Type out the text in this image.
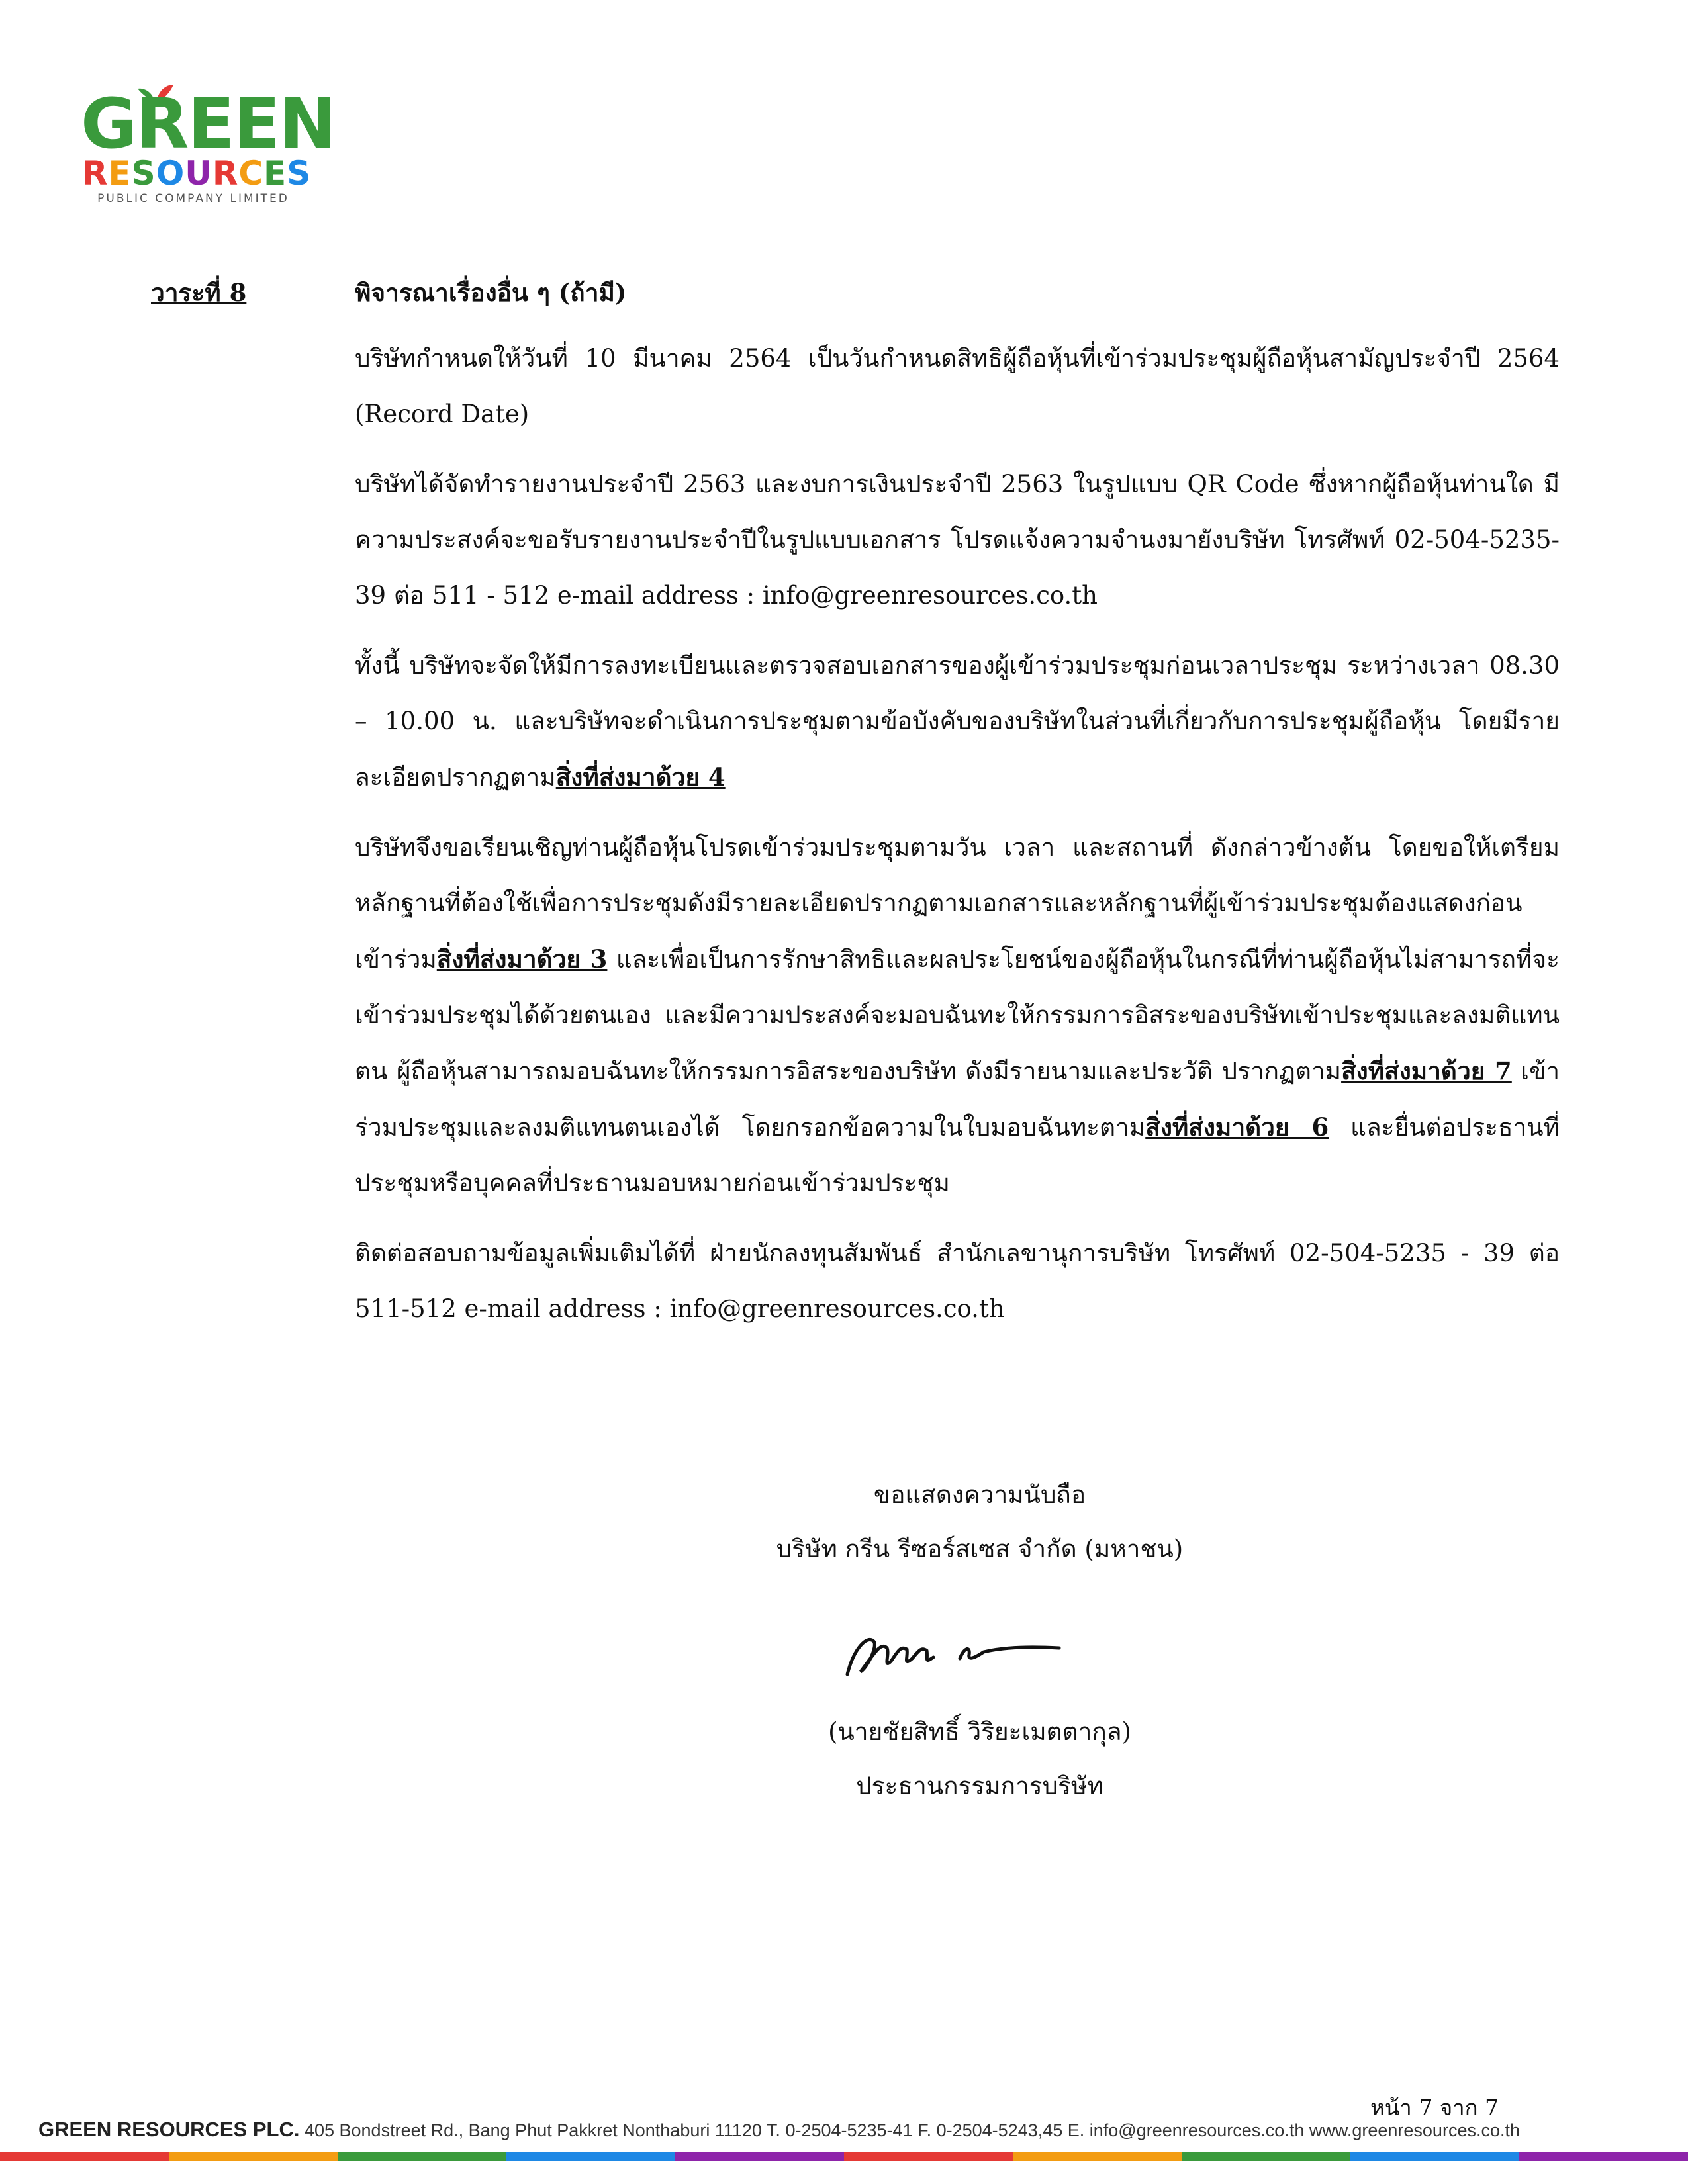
GREEN
RESOURCES
PUBLIC COMPANY LIMITED
วาระที่ 8	พิจารณาเรื่องอื่น ๆ (ถ้ามี)

บริษัทกำหนดให้วันที่ 10 มีนาคม 2564 เป็นวันกำหนดสิทธิผู้ถือหุ้นที่เข้าร่วมประชุมผู้ถือหุ้นสามัญประจำปี 2564 (Record Date)

บริษัทได้จัดทำรายงานประจำปี 2563 และงบการเงินประจำปี 2563 ในรูปแบบ QR Code ซึ่งหากผู้ถือหุ้นท่านใด มีความประสงค์จะขอรับรายงานประจำปีในรูปแบบเอกสาร โปรดแจ้งความจำนงมายังบริษัท โทรศัพท์ 02-504-5235-39 ต่อ 511 - 512 e-mail address : info@greenresources.co.th

ทั้งนี้ บริษัทจะจัดให้มีการลงทะเบียนและตรวจสอบเอกสารของผู้เข้าร่วมประชุมก่อนเวลาประชุม ระหว่างเวลา 08.30 – 10.00 น. และบริษัทจะดำเนินการประชุมตามข้อบังคับของบริษัทในส่วนที่เกี่ยวกับการประชุมผู้ถือหุ้น โดยมีรายละเอียดปรากฏตามสิ่งที่ส่งมาด้วย 4

บริษัทจึงขอเรียนเชิญท่านผู้ถือหุ้นโปรดเข้าร่วมประชุมตามวัน เวลา และสถานที่ ดังกล่าวข้างต้น โดยขอให้เตรียมหลักฐานที่ต้องใช้เพื่อการประชุมดังมีรายละเอียดปรากฏตามเอกสารและหลักฐานที่ผู้เข้าร่วมประชุมต้องแสดงก่อนเข้าร่วมสิ่งที่ส่งมาด้วย 3 และเพื่อเป็นการรักษาสิทธิและผลประโยชน์ของผู้ถือหุ้นในกรณีที่ท่านผู้ถือหุ้นไม่สามารถที่จะเข้าร่วมประชุมได้ด้วยตนเอง และมีความประสงค์จะมอบฉันทะให้กรรมการอิสระของบริษัทเข้าประชุมและลงมติแทนตน ผู้ถือหุ้นสามารถมอบฉันทะให้กรรมการอิสระของบริษัท ดังมีรายนามและประวัติ ปรากฏตามสิ่งที่ส่งมาด้วย 7 เข้าร่วมประชุมและลงมติแทนตนเองได้ โดยกรอกข้อความในใบมอบฉันทะตามสิ่งที่ส่งมาด้วย 6 และยื่นต่อประธานที่ประชุมหรือบุคคลที่ประธานมอบหมายก่อนเข้าร่วมประชุม

ติดต่อสอบถามข้อมูลเพิ่มเติมได้ที่ ฝ่ายนักลงทุนสัมพันธ์ สำนักเลขานุการบริษัท โทรศัพท์ 02-504-5235 - 39 ต่อ 511-512 e-mail address : info@greenresources.co.th

ขอแสดงความนับถือ
บริษัท กรีน รีซอร์สเซส จำกัด (มหาชน)
(นายชัยสิทธิ์ วิริยะเมตตากุล)
ประธานกรรมการบริษัท
หน้า 7 จาก 7
GREEN RESOURCES PLC. 405 Bondstreet Rd., Bang Phut Pakkret Nonthaburi 11120 T. 0-2504-5235-41 F. 0-2504-5243,45 E. info@greenresources.co.th www.greenresources.co.th
